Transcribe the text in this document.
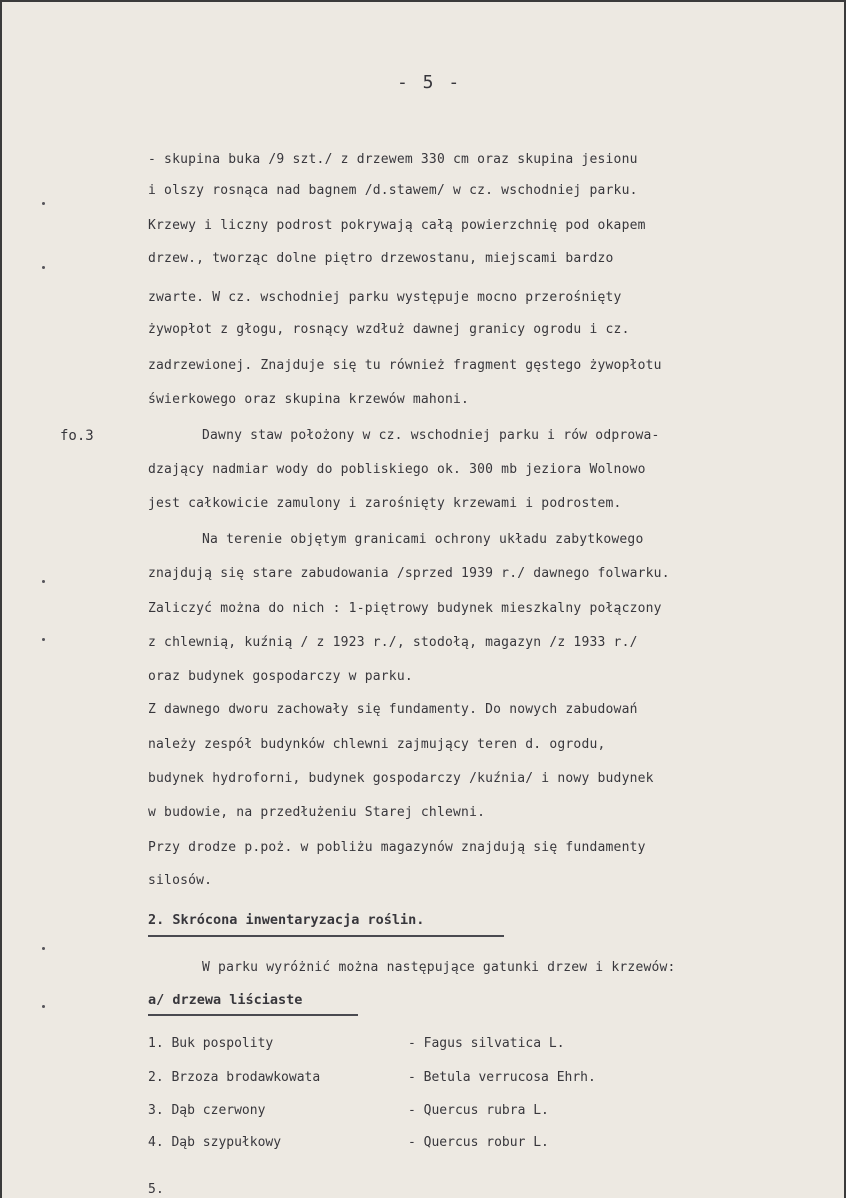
- 5 -
- skupina buka /9 szt./ z drzewem 330 cm oraz skupina jesionu
i olszy rosnąca nad bagnem /d.stawem/ w cz. wschodniej parku.
Krzewy i liczny podrost pokrywają całą powierzchnię pod okapem
drzew., tworząc dolne piętro drzewostanu, miejscami bardzo
zwarte. W cz. wschodniej parku występuje mocno przerośnięty
żywopłot z głogu, rosnący wzdłuż dawnej granicy ogrodu i cz.
zadrzewionej. Znajduje się tu również fragment gęstego żywopłotu
świerkowego oraz skupina krzewów mahoni.
fo.3	Dawny staw położony w cz. wschodniej parku i rów odprowa-
dzający nadmiar wody do pobliskiego ok. 300 mb jeziora Wolnowo
jest całkowicie zamulony i zarośnięty krzewami i podrostem.
Na terenie objętym granicami ochrony układu zabytkowego
znajdują się stare zabudowania /sprzed 1939 r./ dawnego folwarku.
Zaliczyć można do nich : 1-piętrowy budynek mieszkalny połączony
z chlewnią, kuźnią / z 1923 r./, stodołą, magazyn /z 1933 r./
oraz budynek gospodarczy w parku.
Z dawnego dworu zachowały się fundamenty. Do nowych zabudowań
należy zespół budynków chlewni zajmujący teren d. ogrodu,
budynek hydroforni, budynek gospodarczy /kuźnia/ i nowy budynek
w budowie, na przedłużeniu Starej chlewni.
Przy drodze p.poż. w pobliżu magazynów znajdują się fundamenty
silosów.
2. Skrócona inwentaryzacja roślin.
W parku wyróżnić można następujące gatunki drzew i krzewów:
a/ drzewa liściaste
1. Buk pospolity	- Fagus silvatica L.
2. Brzoza brodawkowata	- Betula verrucosa Ehrh.
3. Dąb czerwony	- Quercus rubra L.
4. Dąb szypułkowy	- Quercus robur L.
5.
